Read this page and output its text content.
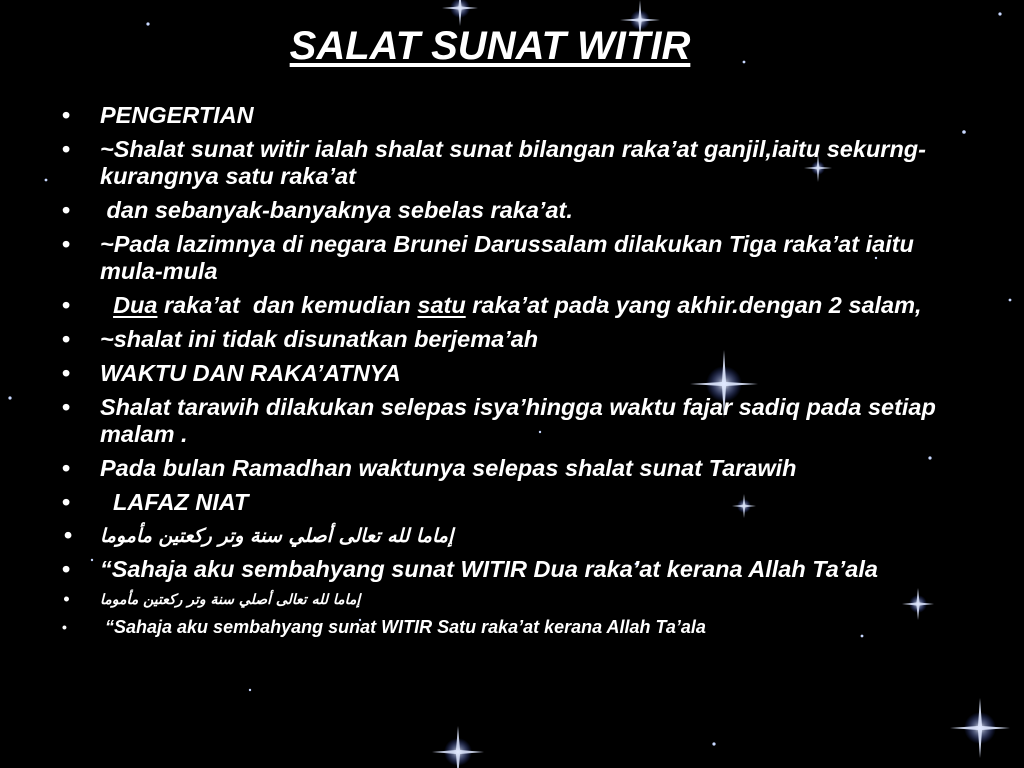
SALAT SUNAT WITIR
• PENGERTIAN
• ~Shalat sunat witir ialah shalat sunat bilangan raka’at ganjil,iaitu sekurng-kurangnya satu raka’at
• dan sebanyak-banyaknya sebelas raka’at.
• ~Pada lazimnya di negara Brunei Darussalam dilakukan Tiga raka’at iaitu mula-mula
• Dua raka’at  dan kemudian satu raka’at pada yang akhir.dengan 2 salam,
• ~shalat ini tidak disunatkan berjema’ah
• WAKTU DAN RAKA’ATNYA
• Shalat tarawih dilakukan selepas isya’hingga waktu fajar sadiq pada setiap malam .
• Pada bulan Ramadhan waktunya selepas shalat sunat Tarawih
• LAFAZ NIAT
• إماما لله تعالى أصلي سنة وتر ركعتين مأموما
• “Sahaja aku sembahyang sunat WITIR Dua raka’at kerana Allah Ta’ala
• إماما لله تعالى أصلي سنة وتر ركعتين مأموما
• “Sahaja aku sembahyang sunat WITIR Satu raka’at kerana Allah Ta’ala
